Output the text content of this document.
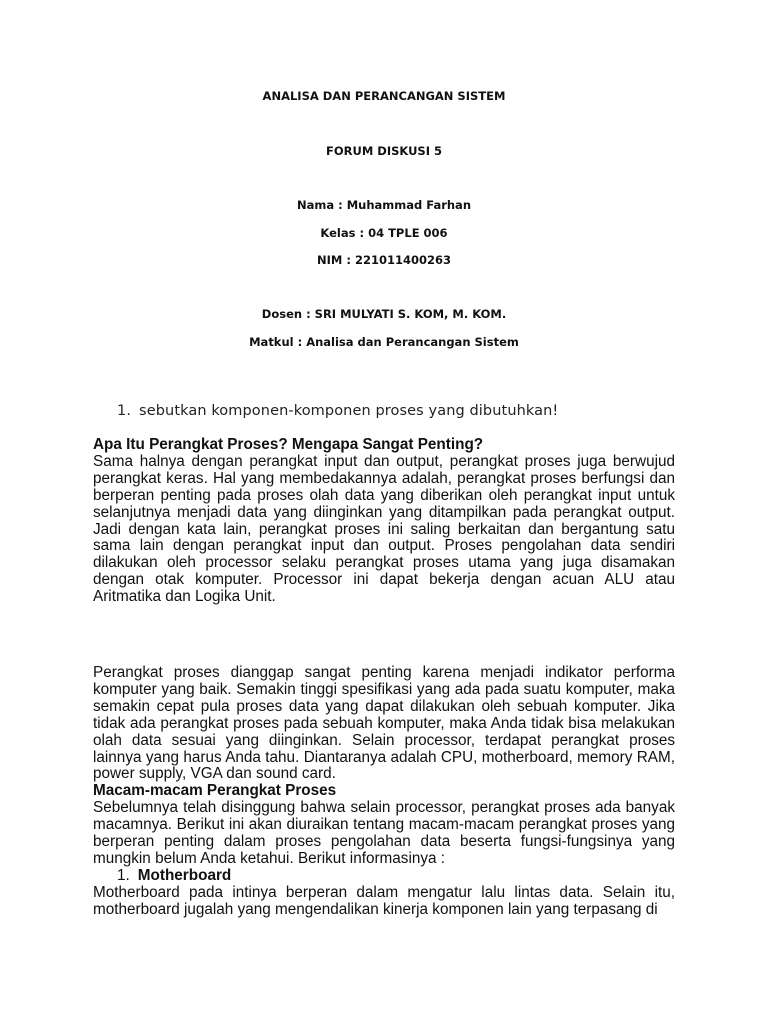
ANALISA DAN PERANCANGAN SISTEM
FORUM DISKUSI 5
Nama : Muhammad Farhan
Kelas : 04 TPLE 006
NIM : 221011400263
Dosen : SRI MULYATI S. KOM, M. KOM.
Matkul : Analisa dan Perancangan Sistem
1. sebutkan komponen-komponen proses yang dibutuhkan!
Apa Itu Perangkat Proses? Mengapa Sangat Penting?

Sama halnya dengan perangkat input dan output, perangkat proses juga berwujud perangkat keras. Hal yang membedakannya adalah, perangkat proses berfungsi dan berperan penting pada proses olah data yang diberikan oleh perangkat input untuk selanjutnya menjadi data yang diinginkan yang ditampilkan pada perangkat output. Jadi dengan kata lain, perangkat proses ini saling berkaitan dan bergantung satu sama lain dengan perangkat input dan output. Proses pengolahan data sendiri dilakukan oleh processor selaku perangkat proses utama yang juga disamakan dengan otak komputer. Processor ini dapat bekerja dengan acuan ALU atau Aritmatika dan Logika Unit.

Perangkat proses dianggap sangat penting karena menjadi indikator performa komputer yang baik. Semakin tinggi spesifikasi yang ada pada suatu komputer, maka semakin cepat pula proses data yang dapat dilakukan oleh sebuah komputer. Jika tidak ada perangkat proses pada sebuah komputer, maka Anda tidak bisa melakukan olah data sesuai yang diinginkan. Selain processor, terdapat perangkat proses lainnya yang harus Anda tahu. Diantaranya adalah CPU, motherboard, memory RAM, power supply, VGA dan sound card.

Macam-macam Perangkat Proses

Sebelumnya telah disinggung bahwa selain processor, perangkat proses ada banyak macamnya. Berikut ini akan diuraikan tentang macam-macam perangkat proses yang berperan penting dalam proses pengolahan data beserta fungsi-fungsinya yang mungkin belum Anda ketahui. Berikut informasinya :

1. Motherboard

Motherboard pada intinya berperan dalam mengatur lalu lintas data. Selain itu, motherboard jugalah yang mengendalikan kinerja komponen lain yang terpasang di
